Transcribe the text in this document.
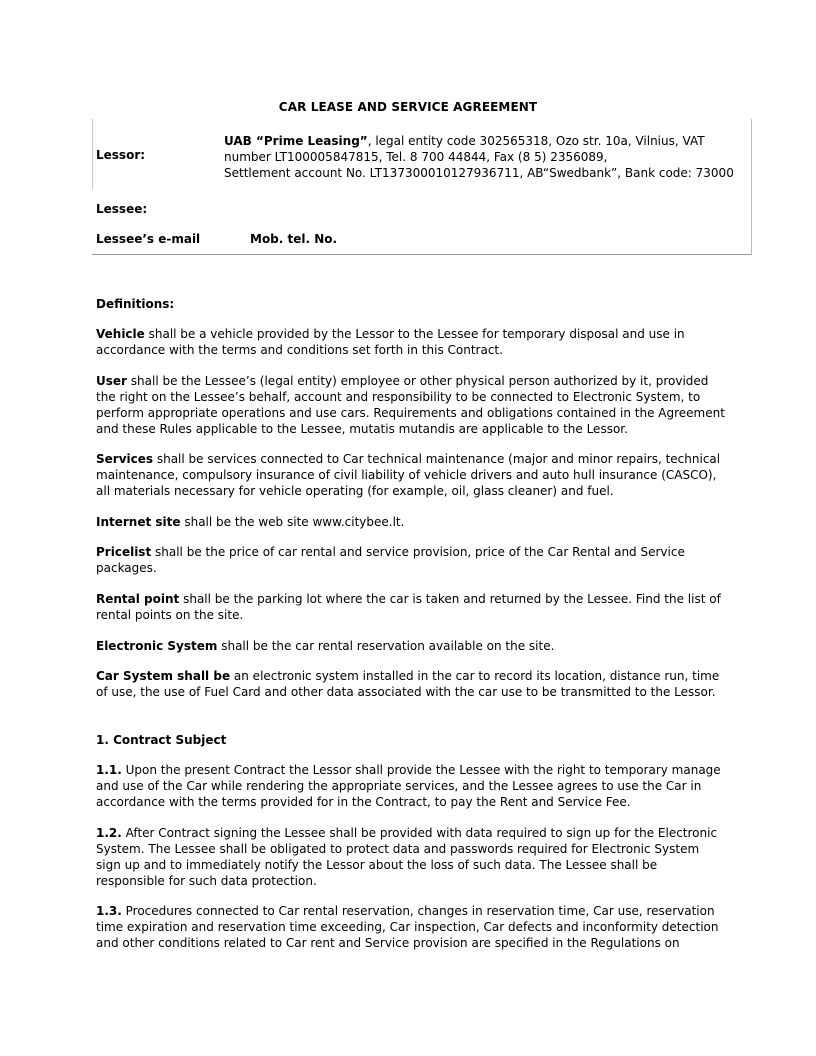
CAR LEASE AND SERVICE AGREEMENT
Lessor:
UAB “Prime Leasing”, legal entity code 302565318, Ozo str. 10a, Vilnius, VAT
number LT100005847815, Tel. 8 700 44844, Fax (8 5) 2356089,
Settlement account No. LT137300010127936711, AB“Swedbank”, Bank code: 73000
Lessee:
Lessee’s e-mail	Mob. tel. No.
Definitions:
Vehicle shall be a vehicle provided by the Lessor to the Lessee for temporary disposal and use in accordance with the terms and conditions set forth in this Contract.
User shall be the Lessee’s (legal entity) employee or other physical person authorized by it, provided the right on the Lessee’s behalf, account and responsibility to be connected to Electronic System, to perform appropriate operations and use cars. Requirements and obligations contained in the Agreement and these Rules applicable to the Lessee, mutatis mutandis are applicable to the Lessor.
Services shall be services connected to Car technical maintenance (major and minor repairs, technical maintenance, compulsory insurance of civil liability of vehicle drivers and auto hull insurance (CASCO), all materials necessary for vehicle operating (for example, oil, glass cleaner) and fuel.
Internet site shall be the web site www.citybee.lt.
Pricelist shall be the price of car rental and service provision, price of the Car Rental and Service packages.
Rental point shall be the parking lot where the car is taken and returned by the Lessee. Find the list of rental points on the site.
Electronic System shall be the car rental reservation available on the site.
Car System shall be an electronic system installed in the car to record its location, distance run, time of use, the use of Fuel Card and other data associated with the car use to be transmitted to the Lessor.
1. Contract Subject
1.1. Upon the present Contract the Lessor shall provide the Lessee with the right to temporary manage and use of the Car while rendering the appropriate services, and the Lessee agrees to use the Car in accordance with the terms provided for in the Contract, to pay the Rent and Service Fee.
1.2. After Contract signing the Lessee shall be provided with data required to sign up for the Electronic System. The Lessee shall be obligated to protect data and passwords required for Electronic System sign up and to immediately notify the Lessor about the loss of such data. The Lessee shall be responsible for such data protection.
1.3. Procedures connected to Car rental reservation, changes in reservation time, Car use, reservation time expiration and reservation time exceeding, Car inspection, Car defects and inconformity detection and other conditions related to Car rent and Service provision are specified in the Regulations on
